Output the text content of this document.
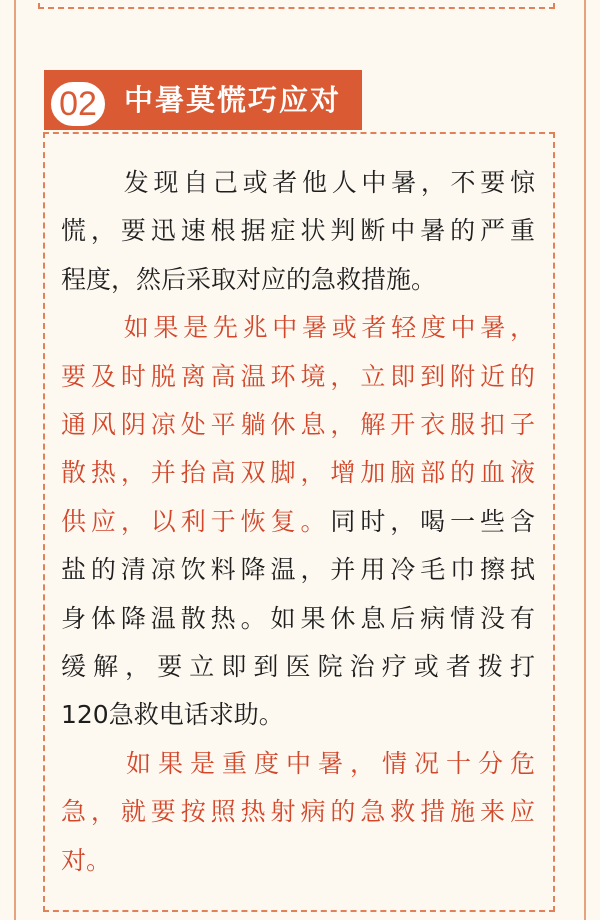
02 中暑莫慌巧应对
发现自己或者他人中暑，不要惊
慌，要迅速根据症状判断中暑的严重
程度，然后采取对应的急救措施。
如果是先兆中暑或者轻度中暑，
要及时脱离高温环境，立即到附近的
通风阴凉处平躺休息，解开衣服扣子
散热，并抬高双脚，增加脑部的血液
供应，以利于恢复。同时，喝一些含
盐的清凉饮料降温，并用冷毛巾擦拭
身体降温散热。如果休息后病情没有
缓解，要立即到医院治疗或者拨打
120急救电话求助。
如果是重度中暑，情况十分危
急，就要按照热射病的急救措施来应
对。
